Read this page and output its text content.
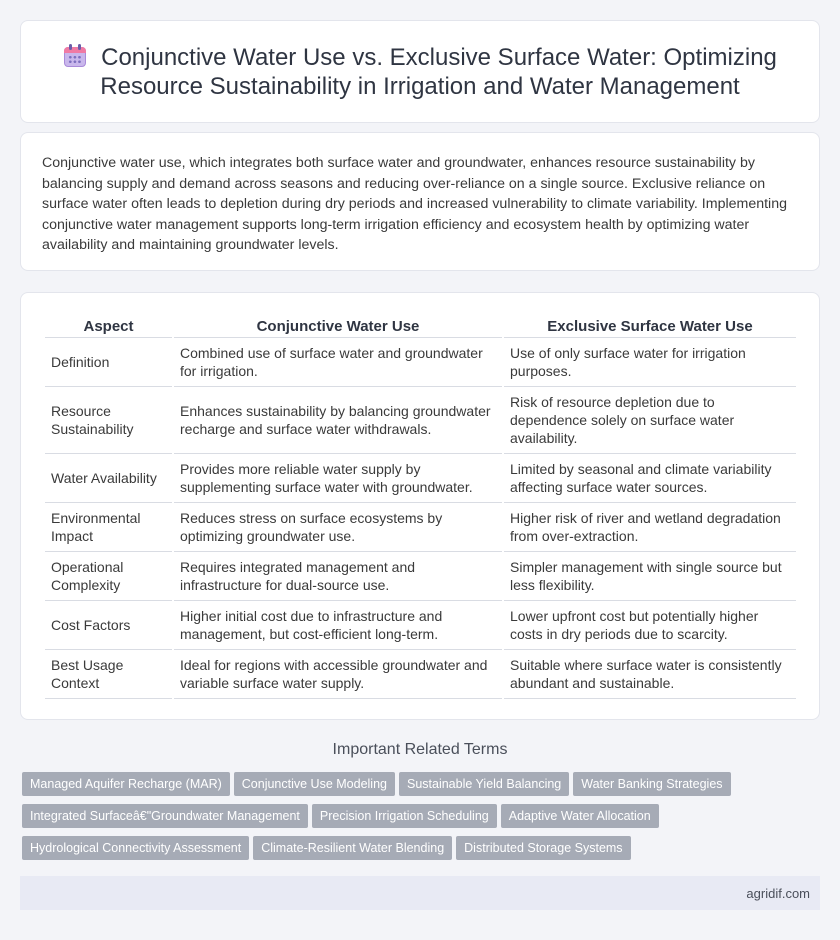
Conjunctive Water Use vs. Exclusive Surface Water: Optimizing Resource Sustainability in Irrigation and Water Management

Conjunctive water use, which integrates both surface water and groundwater, enhances resource sustainability by balancing supply and demand across seasons and reducing over-reliance on a single source. Exclusive reliance on surface water often leads to depletion during dry periods and increased vulnerability to climate variability. Implementing conjunctive water management supports long-term irrigation efficiency and ecosystem health by optimizing water availability and maintaining groundwater levels.

Aspect	Conjunctive Water Use	Exclusive Surface Water Use
Definition	Combined use of surface water and groundwater for irrigation.	Use of only surface water for irrigation purposes.
Resource Sustainability	Enhances sustainability by balancing groundwater recharge and surface water withdrawals.	Risk of resource depletion due to dependence solely on surface water availability.
Water Availability	Provides more reliable water supply by supplementing surface water with groundwater.	Limited by seasonal and climate variability affecting surface water sources.
Environmental Impact	Reduces stress on surface ecosystems by optimizing groundwater use.	Higher risk of river and wetland degradation from over-extraction.
Operational Complexity	Requires integrated management and infrastructure for dual-source use.	Simpler management with single source but less flexibility.
Cost Factors	Higher initial cost due to infrastructure and management, but cost-efficient long-term.	Lower upfront cost but potentially higher costs in dry periods due to scarcity.
Best Usage Context	Ideal for regions with accessible groundwater and variable surface water supply.	Suitable where surface water is consistently abundant and sustainable.
Important Related Terms
Managed Aquifer Recharge (MAR) Conjunctive Use Modeling Sustainable Yield Balancing Water Banking Strategies
Integrated Surfaceâ€"Groundwater Management Precision Irrigation Scheduling Adaptive Water Allocation
Hydrological Connectivity Assessment Climate-Resilient Water Blending Distributed Storage Systems
agridif.com
